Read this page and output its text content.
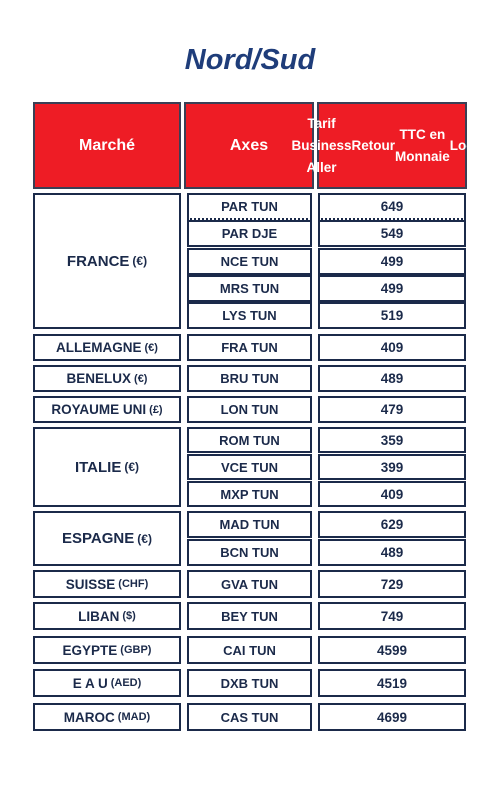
Nord/Sud
Marché	Axes
Tarif Business Aller
Retour
TTC en Monnaie
Locale
FRANCE (€)
ALLEMAGNE (€)
BENELUX (€)
ROYAUME UNI (£)
ITALIE (€)
ESPAGNE (€)
SUISSE (CHF)
LIBAN ($)
EGYPTE (GBP)
E A U (AED)
MAROC (MAD)
PAR TUN
PAR DJE
NCE TUN
MRS TUN
LYS TUN
FRA TUN
BRU TUN
LON TUN
ROM TUN
VCE TUN
MXP TUN
MAD TUN
BCN TUN
GVA TUN
BEY TUN
CAI TUN
DXB TUN
CAS TUN
649
549
499
499
519
409
489
479
359
399
409
629
489
729
749
4599
4519
4699
